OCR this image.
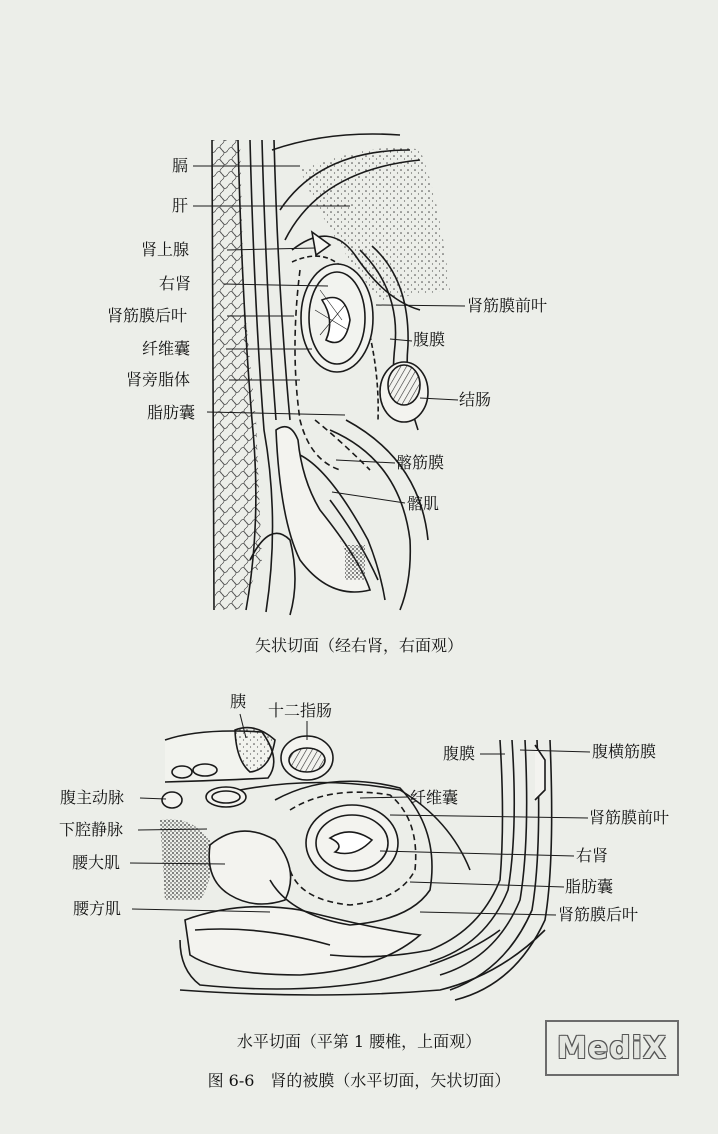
膈
肝
肾上腺
右肾
肾筋膜后叶
纤维囊
肾旁脂体
脂肪囊
肾筋膜前叶
腹膜
结肠
髂筋膜
髂肌
矢状切面（经右肾，右面观）
胰 十二指肠
腹膜	腹横筋膜
腹主动脉	纤维囊
下腔静脉
肾筋膜前叶
腰大肌	右肾
脂肪囊
腰方肌	肾筋膜后叶
水平切面（平第 1 腰椎，上面观）
图 6-6　肾的被膜（水平切面，矢状切面）
MediX
